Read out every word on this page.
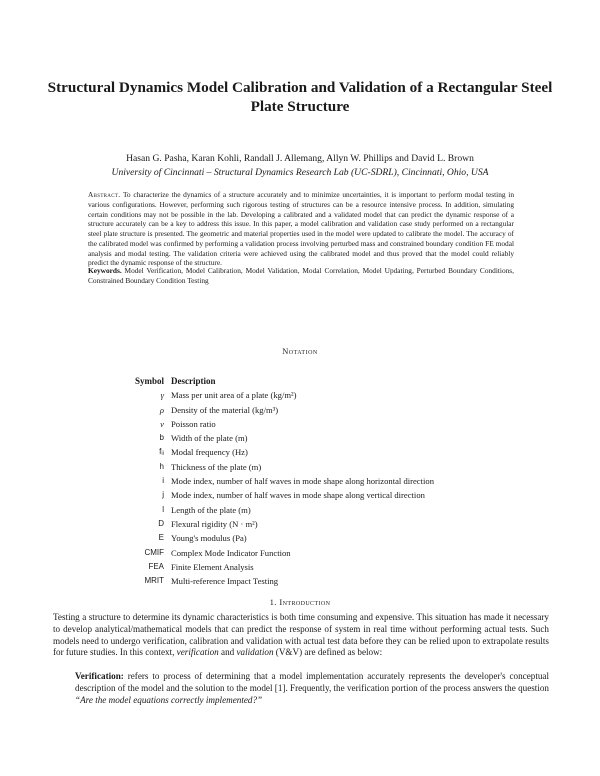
Structural Dynamics Model Calibration and Validation of a Rectangular Steel Plate Structure
Hasan G. Pasha, Karan Kohli, Randall J. Allemang, Allyn W. Phillips and David L. Brown
University of Cincinnati – Structural Dynamics Research Lab (UC-SDRL), Cincinnati, Ohio, USA
Abstract. To characterize the dynamics of a structure accurately and to minimize uncertainties, it is important to perform modal testing in various configurations. However, performing such rigorous testing of structures can be a resource intensive process. In addition, simulating certain conditions may not be possible in the lab. Developing a calibrated and a validated model that can predict the dynamic response of a structure accurately can be a key to address this issue. In this paper, a model calibration and validation case study performed on a rectangular steel plate structure is presented. The geometric and material properties used in the model were updated to calibrate the model. The accuracy of the calibrated model was confirmed by performing a validation process involving perturbed mass and constrained boundary condition FE modal analysis and modal testing. The validation criteria were achieved using the calibrated model and thus proved that the model could reliably predict the dynamic response of the structure.
Keywords. Model Verification, Model Calibration, Model Validation, Modal Correlation, Model Updating, Perturbed Boundary Conditions, Constrained Boundary Condition Testing
Notation
Symbol Description
γ Mass per unit area of a plate (kg/m²)
ρ Density of the material (kg/m³)
ν Poisson ratio
b Width of the plate (m)
fᵢⱼ Modal frequency (Hz)
h Thickness of the plate (m)
i Mode index, number of half waves in mode shape along horizontal direction
j Mode index, number of half waves in mode shape along vertical direction
l Length of the plate (m)
D Flexural rigidity (N · m²)
E Young's modulus (Pa)
CMIF Complex Mode Indicator Function
FEA Finite Element Analysis
MRIT Multi-reference Impact Testing
1. Introduction
Testing a structure to determine its dynamic characteristics is both time consuming and expensive. This situation has made it necessary to develop analytical/mathematical models that can predict the response of system in real time without performing actual tests. Such models need to undergo verification, calibration and validation with actual test data before they can be relied upon to extrapolate results for future studies. In this context, verification and validation (V&V) are defined as below:
Verification: refers to process of determining that a model implementation accurately represents the developer's conceptual description of the model and the solution to the model [1]. Frequently, the verification portion of the process answers the question “Are the model equations correctly implemented?”
